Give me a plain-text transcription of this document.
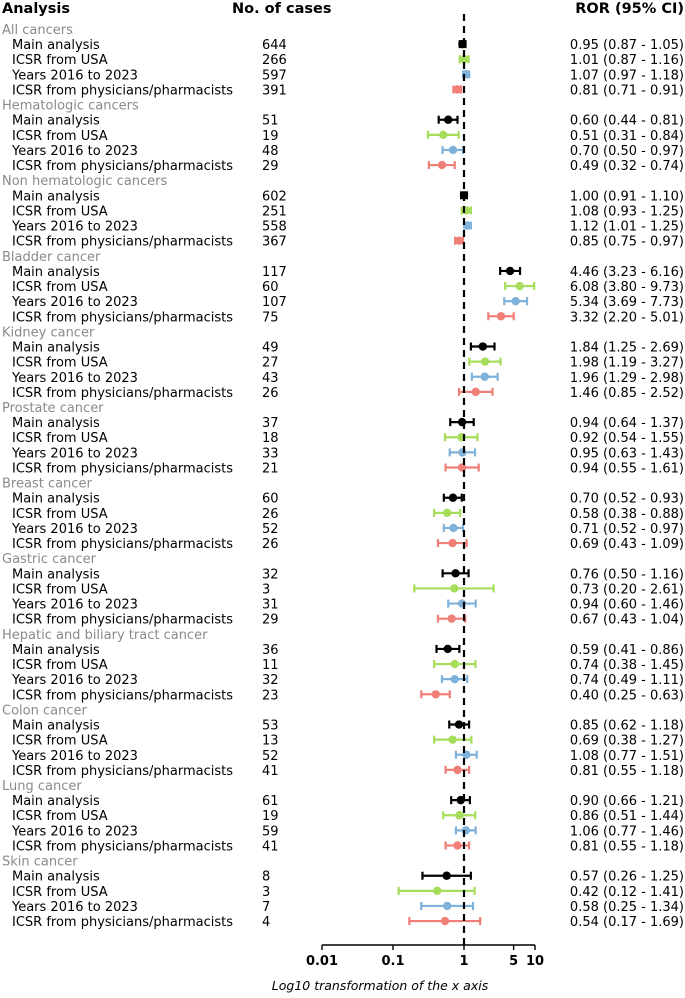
Analysis	No. of cases	ROR (95% CI)
All cancers
Main analysis	644	0.95 (0.87 - 1.05)
ICSR from USA	266	1.01 (0.87 - 1.16)
Years 2016 to 2023	597	1.07 (0.97 - 1.18)
ICSR from physicians/pharmacists 391	0.81 (0.71 - 0.91)
Hematologic cancers
Main analysis	51	0.60 (0.44 - 0.81)
ICSR from USA	19	0.51 (0.31 - 0.84)
Years 2016 to 2023	48	0.70 (0.50 - 0.97)
ICSR from physicians/pharmacists 29	0.49 (0.32 - 0.74)
Non hematologic cancers
Main analysis	602	1.00 (0.91 - 1.10)
ICSR from USA	251	1.08 (0.93 - 1.25)
Years 2016 to 2023	558	1.12 (1.01 - 1.25)
ICSR from physicians/pharmacists 367	0.85 (0.75 - 0.97)
Bladder cancer
Main analysis	117	4.46 (3.23 - 6.16)
ICSR from USA	60	6.08 (3.80 - 9.73)
Years 2016 to 2023	107	5.34 (3.69 - 7.73)
ICSR from physicians/pharmacists 75	3.32 (2.20 - 5.01)
Kidney cancer
Main analysis	49	1.84 (1.25 - 2.69)
ICSR from USA	27	1.98 (1.19 - 3.27)
Years 2016 to 2023	43	1.96 (1.29 - 2.98)
ICSR from physicians/pharmacists 26	1.46 (0.85 - 2.52)
Prostate cancer
Main analysis	37	0.94 (0.64 - 1.37)
ICSR from USA	18	0.92 (0.54 - 1.55)
Years 2016 to 2023	33	0.95 (0.63 - 1.43)
ICSR from physicians/pharmacists 21	0.94 (0.55 - 1.61)
Breast cancer
Main analysis	60	0.70 (0.52 - 0.93)
ICSR from USA	26	0.58 (0.38 - 0.88)
Years 2016 to 2023	52	0.71 (0.52 - 0.97)
ICSR from physicians/pharmacists 26	0.69 (0.43 - 1.09)
Gastric cancer
Main analysis	32	0.76 (0.50 - 1.16)
ICSR from USA	3	0.73 (0.20 - 2.61)
Years 2016 to 2023	31	0.94 (0.60 - 1.46)
ICSR from physicians/pharmacists 29	0.67 (0.43 - 1.04)
Hepatic and biliary tract cancer
Main analysis	36	0.59 (0.41 - 0.86)
ICSR from USA	11	0.74 (0.38 - 1.45)
Years 2016 to 2023	32	0.74 (0.49 - 1.11)
ICSR from physicians/pharmacists 23	0.40 (0.25 - 0.63)
Colon cancer
Main analysis	53	0.85 (0.62 - 1.18)
ICSR from USA	13	0.69 (0.38 - 1.27)
Years 2016 to 2023	52	1.08 (0.77 - 1.51)
ICSR from physicians/pharmacists 41	0.81 (0.55 - 1.18)
Lung cancer
Main analysis	61	0.90 (0.66 - 1.21)
ICSR from USA	19	0.86 (0.51 - 1.44)
Years 2016 to 2023	59	1.06 (0.77 - 1.46)
ICSR from physicians/pharmacists 41	0.81 (0.55 - 1.18)
Skin cancer
Main analysis	8	0.57 (0.26 - 1.25)
ICSR from USA	3	0.42 (0.12 - 1.41)
Years 2016 to 2023	7	0.58 (0.25 - 1.34)
ICSR from physicians/pharmacists 4	0.54 (0.17 - 1.69)
0.01	0.1	1	5 10
Log10 transformation of the x axis
